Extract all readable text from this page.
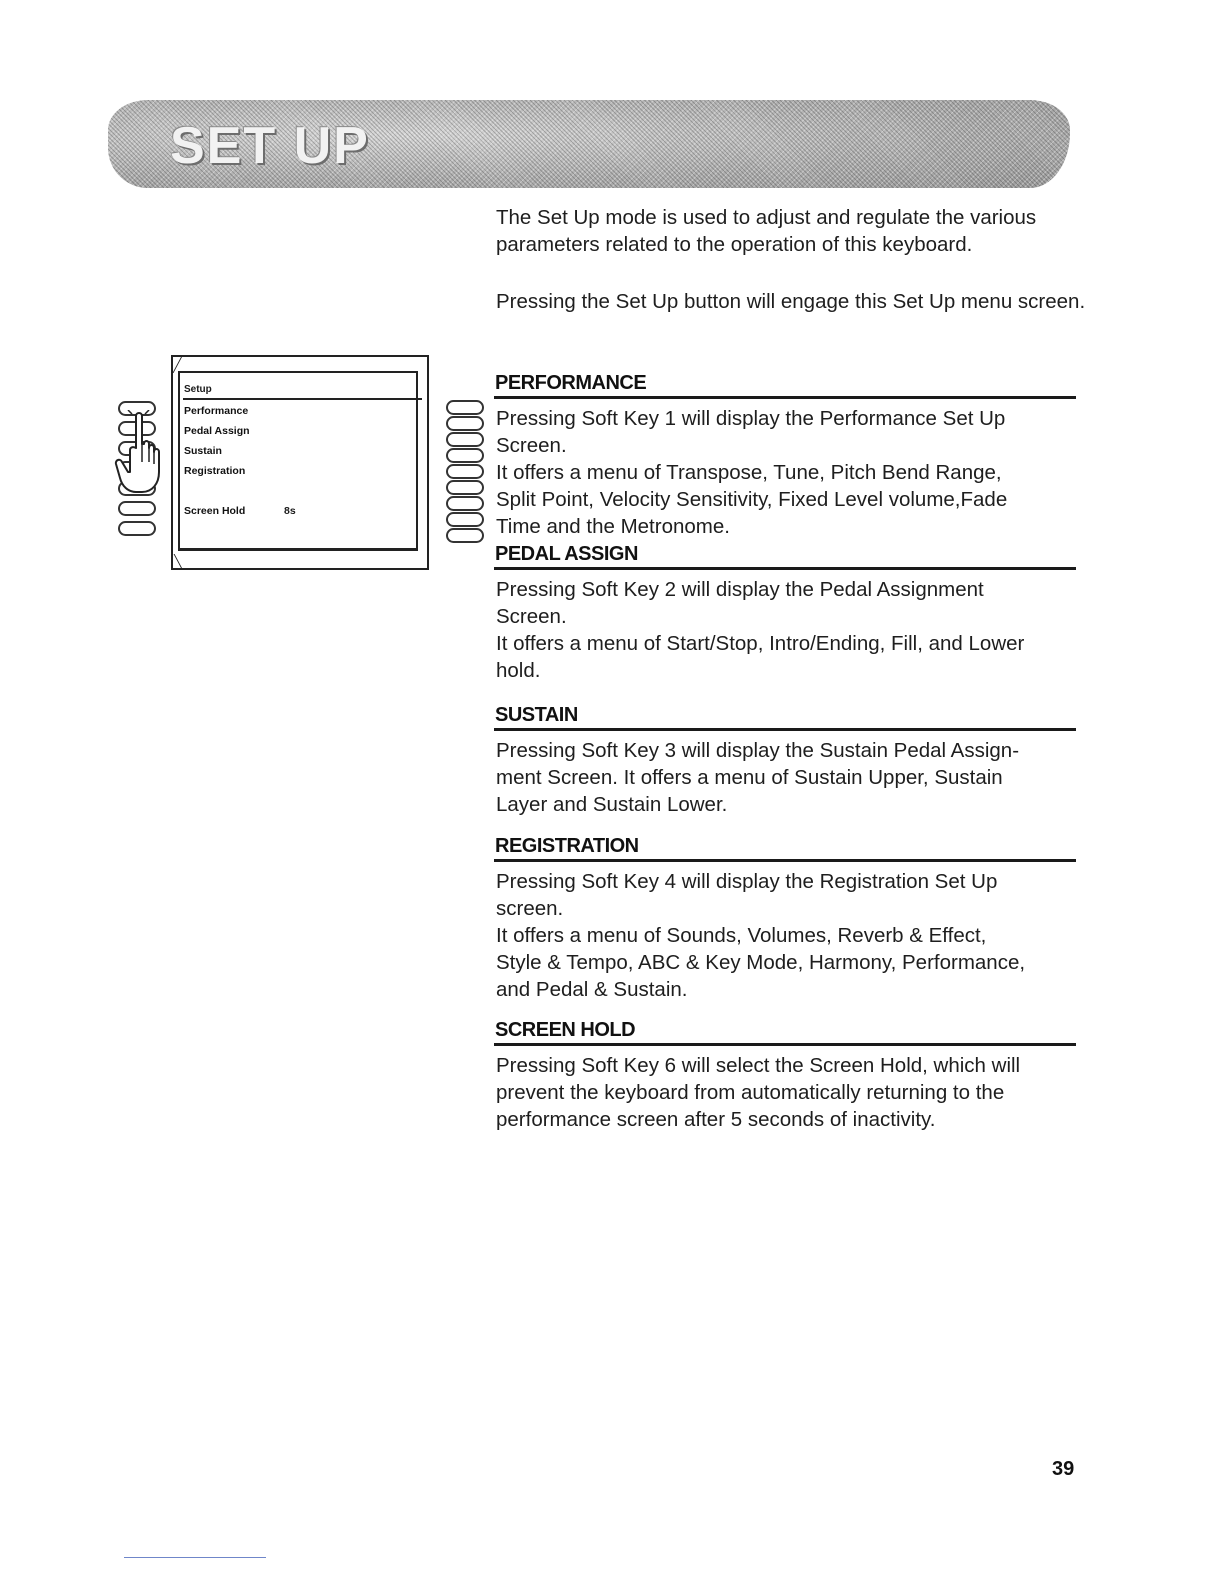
SET UP

The Set Up mode is used to adjust and regulate the various parameters related to the operation of this keyboard.

Pressing the Set Up button will engage this Set Up menu screen.

Setup
Performance
Pedal Assign
Sustain
Registration
Screen Hold	8s
PERFORMANCE

Pressing Soft Key 1 will display the Performance Set Up
Screen.
It offers a menu of Transpose, Tune, Pitch Bend Range,
Split Point, Velocity Sensitivity, Fixed Level volume,Fade
Time and the Metronome.

PEDAL ASSIGN

Pressing Soft Key 2 will display the Pedal Assignment
Screen.
It offers a menu of Start/Stop, Intro/Ending, Fill, and Lower
hold.

SUSTAIN

Pressing Soft Key 3 will display the Sustain Pedal Assign-
ment Screen. It offers a menu of Sustain Upper, Sustain
Layer and Sustain Lower.

REGISTRATION

Pressing Soft Key 4 will display the Registration Set Up
screen.
It offers a menu of Sounds, Volumes, Reverb & Effect,
Style & Tempo, ABC & Key Mode, Harmony, Performance,
and Pedal & Sustain.

SCREEN HOLD

Pressing Soft Key 6 will select the Screen Hold, which will
prevent the keyboard from automatically returning to the
performance screen after 5 seconds of inactivity.

39
